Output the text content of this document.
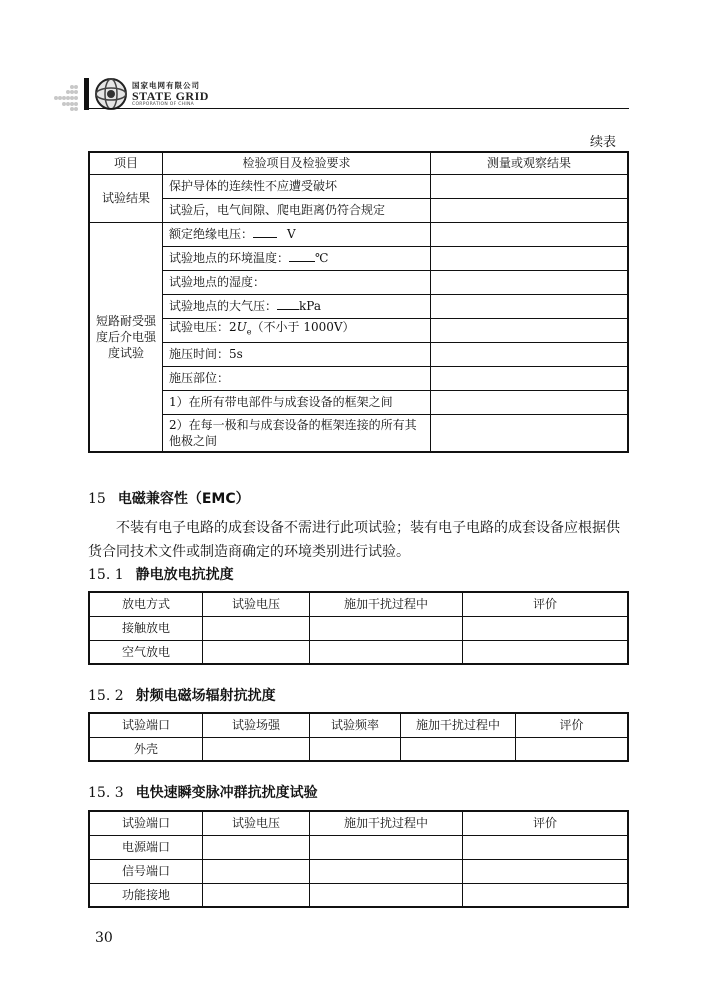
国家电网有限公司
STATE GRID
CORPORATION OF CHINA
续表
项目	检验项目及检验要求	测量或观察结果
试验结果	保护导体的连续性不应遭受破坏	
	试验后，电气间隙、爬电距离仍符合规定	
短路耐受强度后介电强度试验	额定绝缘电压： V	
	试验地点的环境温度： ℃	
	试验地点的湿度：	
	试验地点的大气压： kPa	
	试验电压：$2U_e$（不小于 1000V）	
	施压时间：5s	
	施压部位：	
	1）在所有带电部件与成套设备的框架之间	
	2）在每一极和与成套设备的框架连接的所有其他极之间	
15 电磁兼容性（EMC）
不装有电子电路的成套设备不需进行此项试验；装有电子电路的成套设备应根据供货合同技术文件或制造商确定的环境类别进行试验。
15. 1 静电放电抗扰度
放电方式	试验电压	施加干扰过程中	评价
接触放电			
空气放电			
15. 2 射频电磁场辐射抗扰度
试验端口	试验场强	试验频率	施加干扰过程中	评价
外壳				
15. 3 电快速瞬变脉冲群抗扰度试验
试验端口	试验电压	施加干扰过程中	评价
电源端口			
信号端口			
功能接地			
30
